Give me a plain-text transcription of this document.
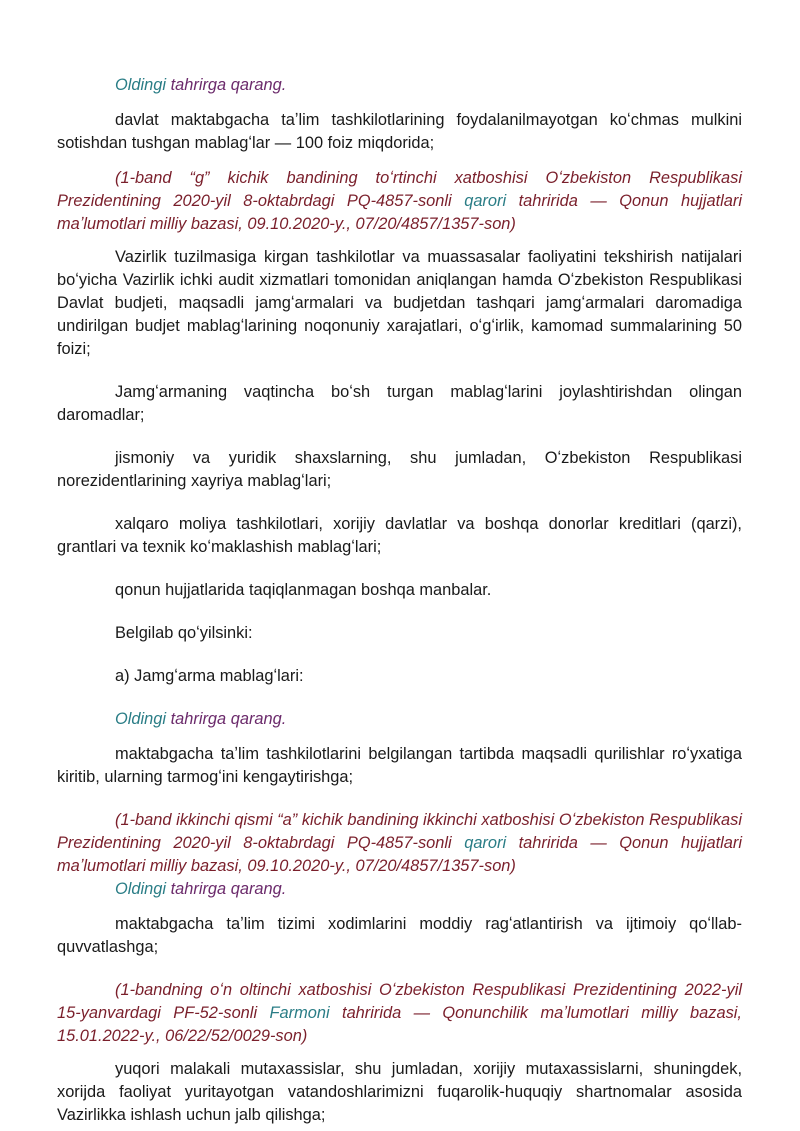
Oldingi tahrirga qarang.

davlat maktabgacha taʼlim tashkilotlarining foydalanilmayotgan koʻchmas mulkini sotishdan tushgan mablagʻlar — 100 foiz miqdorida;

(1-band “g” kichik bandining toʻrtinchi xatboshisi Oʻzbekiston Respublikasi Prezidentining 2020-yil 8-oktabrdagi PQ-4857-sonli qarori tahririda — Qonun hujjatlari maʼlumotlari milliy bazasi, 09.10.2020-y., 07/20/4857/1357-son)

Vazirlik tuzilmasiga kirgan tashkilotlar va muassasalar faoliyatini tekshirish natijalari boʻyicha Vazirlik ichki audit xizmatlari tomonidan aniqlangan hamda Oʻzbekiston Respublikasi Davlat budjeti, maqsadli jamgʻarmalari va budjetdan tashqari jamgʻarmalari daromadiga undirilgan budjet mablagʻlarining noqonuniy xarajatlari, oʻgʻirlik, kamomad summalarining 50 foizi;

Jamgʻarmaning vaqtincha boʻsh turgan mablagʻlarini joylashtirishdan olingan daromadlar;

jismoniy va yuridik shaxslarning, shu jumladan, Oʻzbekiston Respublikasi norezidentlarining xayriya mablagʻlari;

xalqaro moliya tashkilotlari, xorijiy davlatlar va boshqa donorlar kreditlari (qarzi), grantlari va texnik koʻmaklashish mablagʻlari;

qonun hujjatlarida taqiqlanmagan boshqa manbalar.

Belgilab qoʻyilsinki:

a) Jamgʻarma mablagʻlari:

Oldingi tahrirga qarang.

maktabgacha taʼlim tashkilotlarini belgilangan tartibda maqsadli qurilishlar roʻyxatiga kiritib, ularning tarmogʻini kengaytirishga;

(1-band ikkinchi qismi “a” kichik bandining ikkinchi xatboshisi Oʻzbekiston Respublikasi Prezidentining 2020-yil 8-oktabrdagi PQ-4857-sonli qarori tahririda — Qonun hujjatlari maʼlumotlari milliy bazasi, 09.10.2020-y., 07/20/4857/1357-son)

Oldingi tahrirga qarang.

maktabgacha taʼlim tizimi xodimlarini moddiy ragʻatlantirish va ijtimoiy qoʻllab-quvvatlashga;

(1-bandning oʻn oltinchi xatboshisi Oʻzbekiston Respublikasi Prezidentining 2022-yil 15-yanvardagi PF-52-sonli Farmoni tahririda — Qonunchilik maʼlumotlari milliy bazasi, 15.01.2022-y., 06/22/52/0029-son)

yuqori malakali mutaxassislar, shu jumladan, xorijiy mutaxassislarni, shuningdek, xorijda faoliyat yuritayotgan vatandoshlarimizni fuqarolik-huquqiy shartnomalar asosida Vazirlikka ishlash uchun jalb qilishga;
